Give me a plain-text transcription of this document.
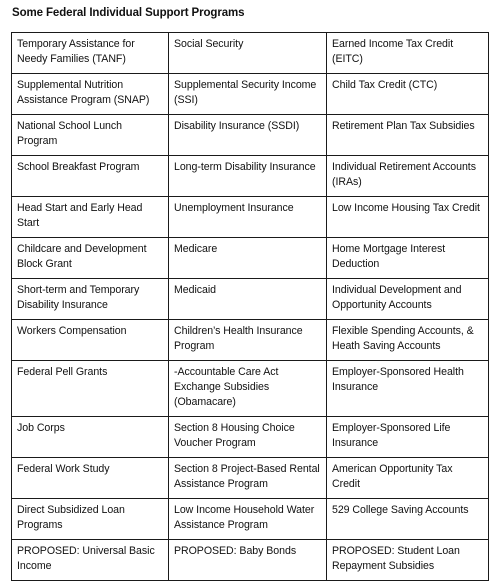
Some Federal Individual Support Programs
Temporary Assistance for Needy Families (TANF)	Social Security	Earned Income Tax Credit (EITC)
Supplemental Nutrition Assistance Program (SNAP)	Supplemental Security Income (SSI)	Child Tax Credit (CTC)
National School Lunch Program	Disability Insurance (SSDI)	Retirement Plan Tax Subsidies
School Breakfast Program	Long-term Disability Insurance	Individual Retirement Accounts (IRAs)
Head Start and Early Head Start	Unemployment Insurance	Low Income Housing Tax Credit
Childcare and Development Block Grant	Medicare	Home Mortgage Interest Deduction
Short-term and Temporary Disability Insurance	Medicaid	Individual Development and Opportunity Accounts
Workers Compensation	Children’s Health Insurance Program	Flexible Spending Accounts, & Heath Saving Accounts
Federal Pell Grants	-Accountable Care Act Exchange Subsidies (Obamacare)	Employer-Sponsored Health Insurance
Job Corps	Section 8 Housing Choice Voucher Program	Employer-Sponsored Life Insurance
Federal Work Study	Section 8 Project-Based Rental Assistance Program	American Opportunity Tax Credit
Direct Subsidized Loan Programs	Low Income Household Water Assistance Program	529 College Saving Accounts
PROPOSED: Universal Basic Income	PROPOSED: Baby Bonds	PROPOSED: Student Loan Repayment Subsidies
